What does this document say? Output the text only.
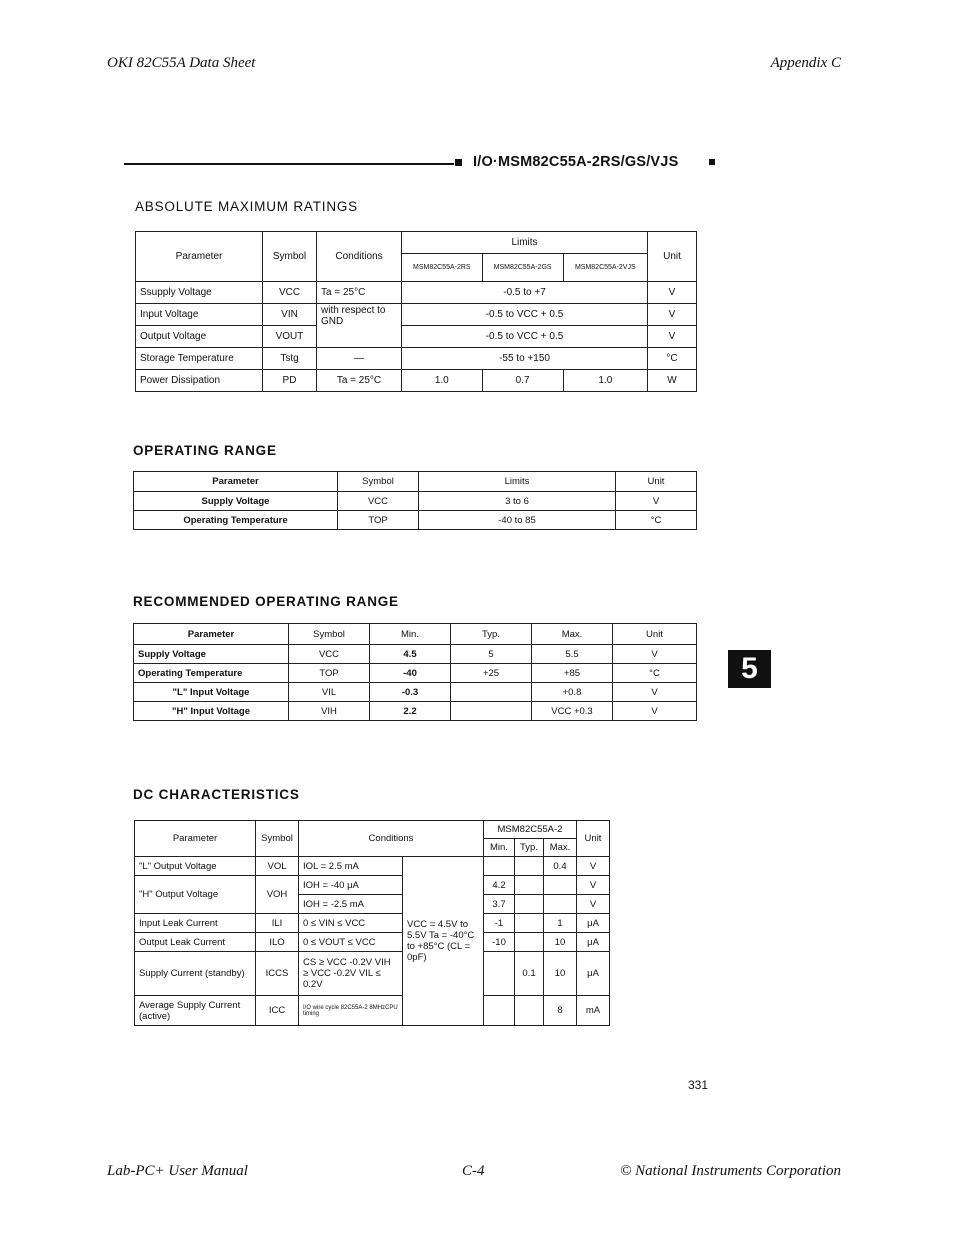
OKI 82C55A Data Sheet	Appendix C
I/O·MSM82C55A-2RS/GS/VJS
ABSOLUTE MAXIMUM RATINGS
Parameter	Symbol	Conditions	Limits			Unit
			MSM82C55A-2RS	MSM82C55A-2GS	MSM82C55A-2VJS	
Ssupply Voltage	VCC	Ta = 25°C	-0.5 to +7			V
Input Voltage	VIN	with respect to GND	-0.5 to VCC + 0.5			V
Output Voltage	VOUT		-0.5 to VCC + 0.5			V
Storage Temperature	Tstg	—	-55 to +150			°C
Power Dissipation	PD	Ta = 25°C	1.0	0.7	1.0	W
OPERATING RANGE
Parameter	Symbol	Limits	Unit
Supply Voltage	VCC	3 to 6	V
Operating Temperature	TOP	-40 to 85	°C
RECOMMENDED OPERATING RANGE
Parameter	Symbol	Min.	Typ.	Max.	Unit
Supply Voltage	VCC	4.5	5	5.5	V
Operating Temperature	TOP	-40	+25	+85	°C
"L" Input Voltage	VIL	-0.3		+0.8	V
"H" Input Voltage	VIH	2.2		VCC +0.3	V
5
DC CHARACTERISTICS
Parameter	Symbol	Conditions		MSM82C55A-2			Unit
				Min.	Typ.	Max.	
"L" Output Voltage	VOL	IOL = 2.5 mA	VCC = 4.5V to 5.5V Ta = -40°C to +85°C (CL = 0pF)			0.4	V
"H" Output Voltage	VOH	IOH = -40 μA		4.2			V
		IOH = -2.5 mA		3.7			V
Input Leak Current	ILI	0 ≤ VIN ≤ VCC		-1		1	μA
Output Leak Current	ILO	0 ≤ VOUT ≤ VCC		-10		10	μA
Supply Current (standby)	ICCS	CS ≥ VCC -0.2V VIH ≥ VCC -0.2V VIL ≤ 0.2V			0.1	10	μA
Average Supply Current (active)	ICC	I/O wire cycle 82C55A-2 8MHzCPU timing				8	mA
331
Lab-PC+ User Manual	C-4	© National Instruments Corporation
